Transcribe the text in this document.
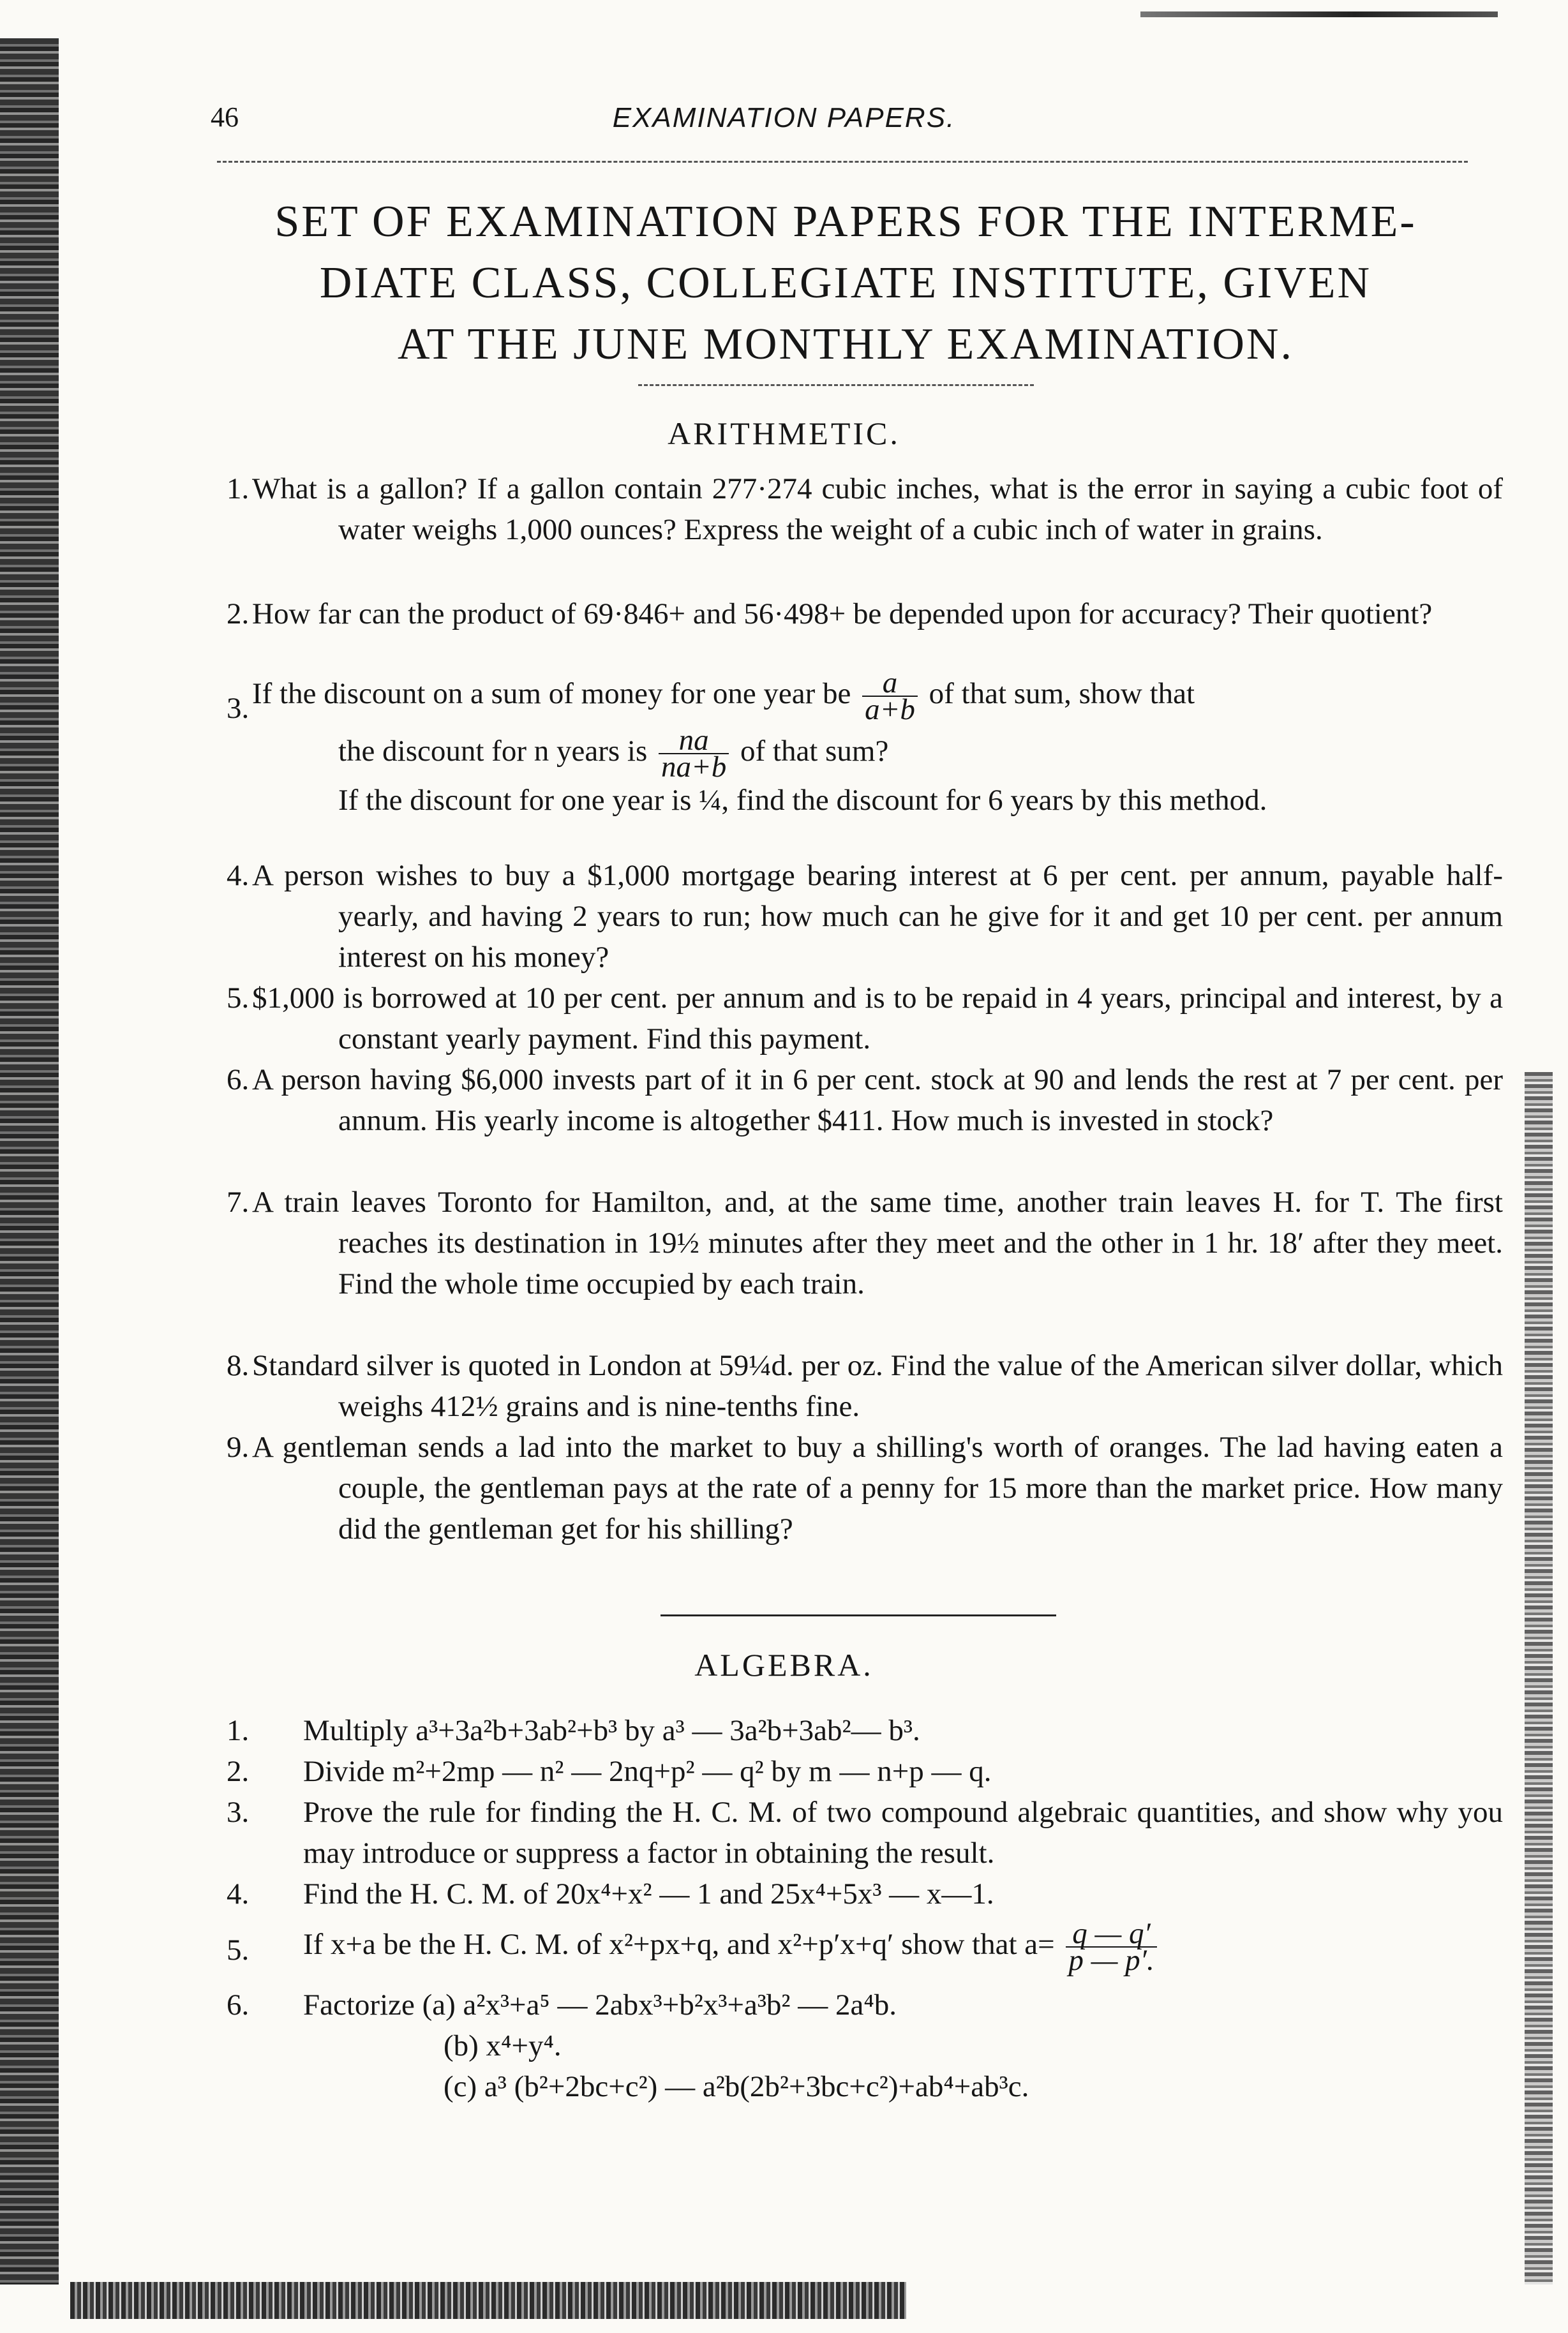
46	EXAMINATION PAPERS.
SET OF EXAMINATION PAPERS FOR THE INTERME-
DIATE CLASS, COLLEGIATE INSTITUTE, GIVEN
AT THE JUNE MONTHLY EXAMINATION.
ARITHMETIC.
1. What is a gallon? If a gallon contain 277·274 cubic inches, what is the error in saying a cubic foot of water weighs 1,000 ounces? Express the weight of a cubic inch of water in grains.
2. How far can the product of 69·846+ and 56·498+ be depended upon for accuracy? Their quotient?
3. If the discount on a sum of money for one year be $\frac{a}{a+b}$ of that sum, show that
the discount for n years is $\frac{na}{na+b}$ of that sum?
If the discount for one year is ¼, find the discount for 6 years by this method.
4. A person wishes to buy a $1,000 mortgage bearing interest at 6 per cent. per annum, payable half-yearly, and having 2 years to run; how much can he give for it and get 10 per cent. per annum interest on his money?
5. $1,000 is borrowed at 10 per cent. per annum and is to be repaid in 4 years, principal and interest, by a constant yearly payment. Find this payment.
6. A person having $6,000 invests part of it in 6 per cent. stock at 90 and lends the rest at 7 per cent. per annum. His yearly income is altogether $411. How much is invested in stock?
7. A train leaves Toronto for Hamilton, and, at the same time, another train leaves H. for T. The first reaches its destination in 19½ minutes after they meet and the other in 1 hr. 18′ after they meet. Find the whole time occupied by each train.
8. Standard silver is quoted in London at 59¼d. per oz. Find the value of the American silver dollar, which weighs 412½ grains and is nine-tenths fine.
9. A gentleman sends a lad into the market to buy a shilling's worth of oranges. The lad having eaten a couple, the gentleman pays at the rate of a penny for 15 more than the market price. How many did the gentleman get for his shilling?
ALGEBRA.
1.	Multiply a³+3a²b+3ab²+b³ by a³ — 3a²b+3ab²— b³.
2.	Divide m²+2mp — n² — 2nq+p² — q² by m — n+p — q.
3.	Prove the rule for finding the H. C. M. of two compound algebraic quantities, and show why you may introduce or suppress a factor in obtaining the result.
4.	Find the H. C. M. of 20x⁴+x² — 1 and 25x⁴+5x³ — x—1.
5.	If x+a be the H. C. M. of x²+px+q, and x²+p′x+q′ show that $a= \frac{q — q'}{p — p'.}$
6.	Factorize (a) a²x³+a⁵ — 2abx³+b²x³+a³b² — 2a⁴b.
(b) x⁴+y⁴.
(c) a³ (b²+2bc+c²) — a²b(2b²+3bc+c²)+ab⁴+ab³c.
